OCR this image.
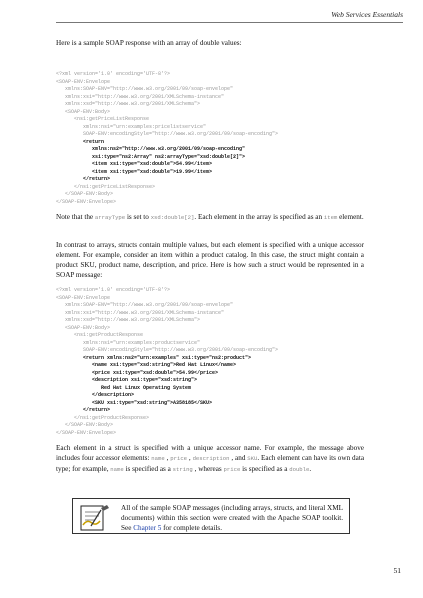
Web Services Essentials
Here is a sample SOAP response with an array of double values:
<?xml version='1.0' encoding='UTF-8'?>
<SOAP-ENV:Envelope
xmlns:SOAP-ENV="http://www.w3.org/2001/09/soap-envelope"
xmlns:xsi="http://www.w3.org/2001/XMLSchema-instance"
xmlns:xsd="http://www.w3.org/2001/XMLSchema">
<SOAP-ENV:Body>
<ns1:getPriceListResponse
xmlns:ns1="urn:examples:pricelistservice"
SOAP-ENV:encodingStyle="http://www.w3.org/2001/09/soap-encoding">
<return
xmlns:ns2="http://www.w3.org/2001/09/soap-encoding"
xsi:type="ns2:Array" ns2:arrayType="xsd:double[2]">
<item xsi:type="xsd:double">54.99</item>
<item xsi:type="xsd:double">19.99</item>
</return>
</ns1:getPriceListResponse>
</SOAP-ENV:Body>
</SOAP-ENV:Envelope>
Note that the arrayType is set to xsd:double[2]. Each element in the array is specified as an item element.
In contrast to arrays, structs contain multiple values, but each element is specified with a unique accessor element. For example, consider an item within a product catalog. In this case, the struct might contain a product SKU, product name, description, and price. Here is how such a struct would be represented in a SOAP message:
<?xml version='1.0' encoding='UTF-8'?>
<SOAP-ENV:Envelope
xmlns:SOAP-ENV="http://www.w3.org/2001/09/soap-envelope"
xmlns:xsi="http://www.w3.org/2001/XMLSchema-instance"
xmlns:xsd="http://www.w3.org/2001/XMLSchema">
<SOAP-ENV:Body>
<ns1:getProductResponse
xmlns:ns1="urn:examples:productservice"
SOAP-ENV:encodingStyle="http://www.w3.org/2001/09/soap-encoding">
<return xmlns:ns2="urn:examples" xsi:type="ns2:product">
<name xsi:type="xsd:string">Red Hat Linux</name>
<price xsi:type="xsd:double">54.99</price>
<description xsi:type="xsd:string">
Red Hat Linux Operating System
</description>
<SKU xsi:type="xsd:string">A358185</SKU>
</return>
</ns1:getProductResponse>
</SOAP-ENV:Body>
</SOAP-ENV:Envelope>
Each element in a struct is specified with a unique accessor name. For example, the message above includes four accessor elements: name , price , description , and SKU. Each element can have its own data type; for example, name is specified as a string , whereas price is specified as a double.
All of the sample SOAP messages (including arrays, structs, and literal XML documents) within this section were created with the Apache SOAP toolkit. See Chapter 5 for complete details.
51
